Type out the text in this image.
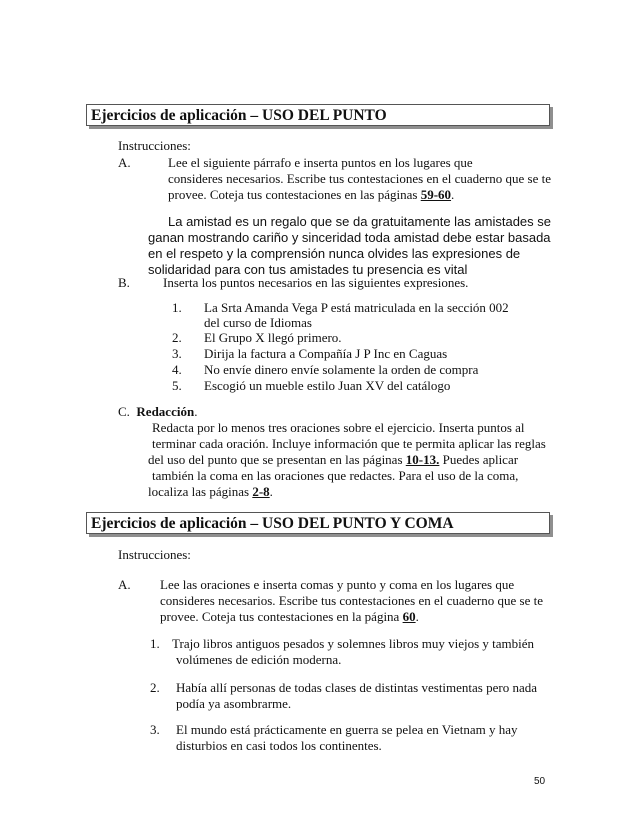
Ejercicios de aplicación – USO DEL PUNTO
Instrucciones:
A.	Lee el siguiente párrafo e inserta puntos en los lugares que
consideres necesarios. Escribe tus contestaciones en el cuaderno que se te
provee. Coteja tus contestaciones en las páginas 59-60.
La amistad es un regalo que se da gratuitamente las amistades se
ganan mostrando cariño y sinceridad toda amistad debe estar basada
en el respeto y la comprensión nunca olvides las expresiones de
solidaridad para con tus amistades tu presencia es vital
B.	Inserta los puntos necesarios en las siguientes expresiones.
1. La Srta Amanda Vega P está matriculada en la sección 002
del curso de Idiomas
2. El Grupo X llegó primero.
3. Dirija la factura a Compañía J P Inc en Caguas
4. No envíe dinero envíe solamente la orden de compra
5. Escogió un mueble estilo Juan XV del catálogo
C. Redacción.
Redacta por lo menos tres oraciones sobre el ejercicio. Inserta puntos al
terminar cada oración. Incluye información que te permita aplicar las reglas
del uso del punto que se presentan en las páginas 10-13. Puedes aplicar
también la coma en las oraciones que redactes. Para el uso de la coma,
localiza las páginas 2-8.
Ejercicios de aplicación – USO DEL PUNTO Y COMA
Instrucciones:
A. Lee las oraciones e inserta comas y punto y coma en los lugares que
consideres necesarios. Escribe tus contestaciones en el cuaderno que se te
provee. Coteja tus contestaciones en la página 60.
1. Trajo libros antiguos pesados y solemnes libros muy viejos y también
volúmenes de edición moderna.
2. Había allí personas de todas clases de distintas vestimentas pero nada
podía ya asombrarme.
3. El mundo está prácticamente en guerra se pelea en Vietnam y hay
disturbios en casi todos los continentes.
50
